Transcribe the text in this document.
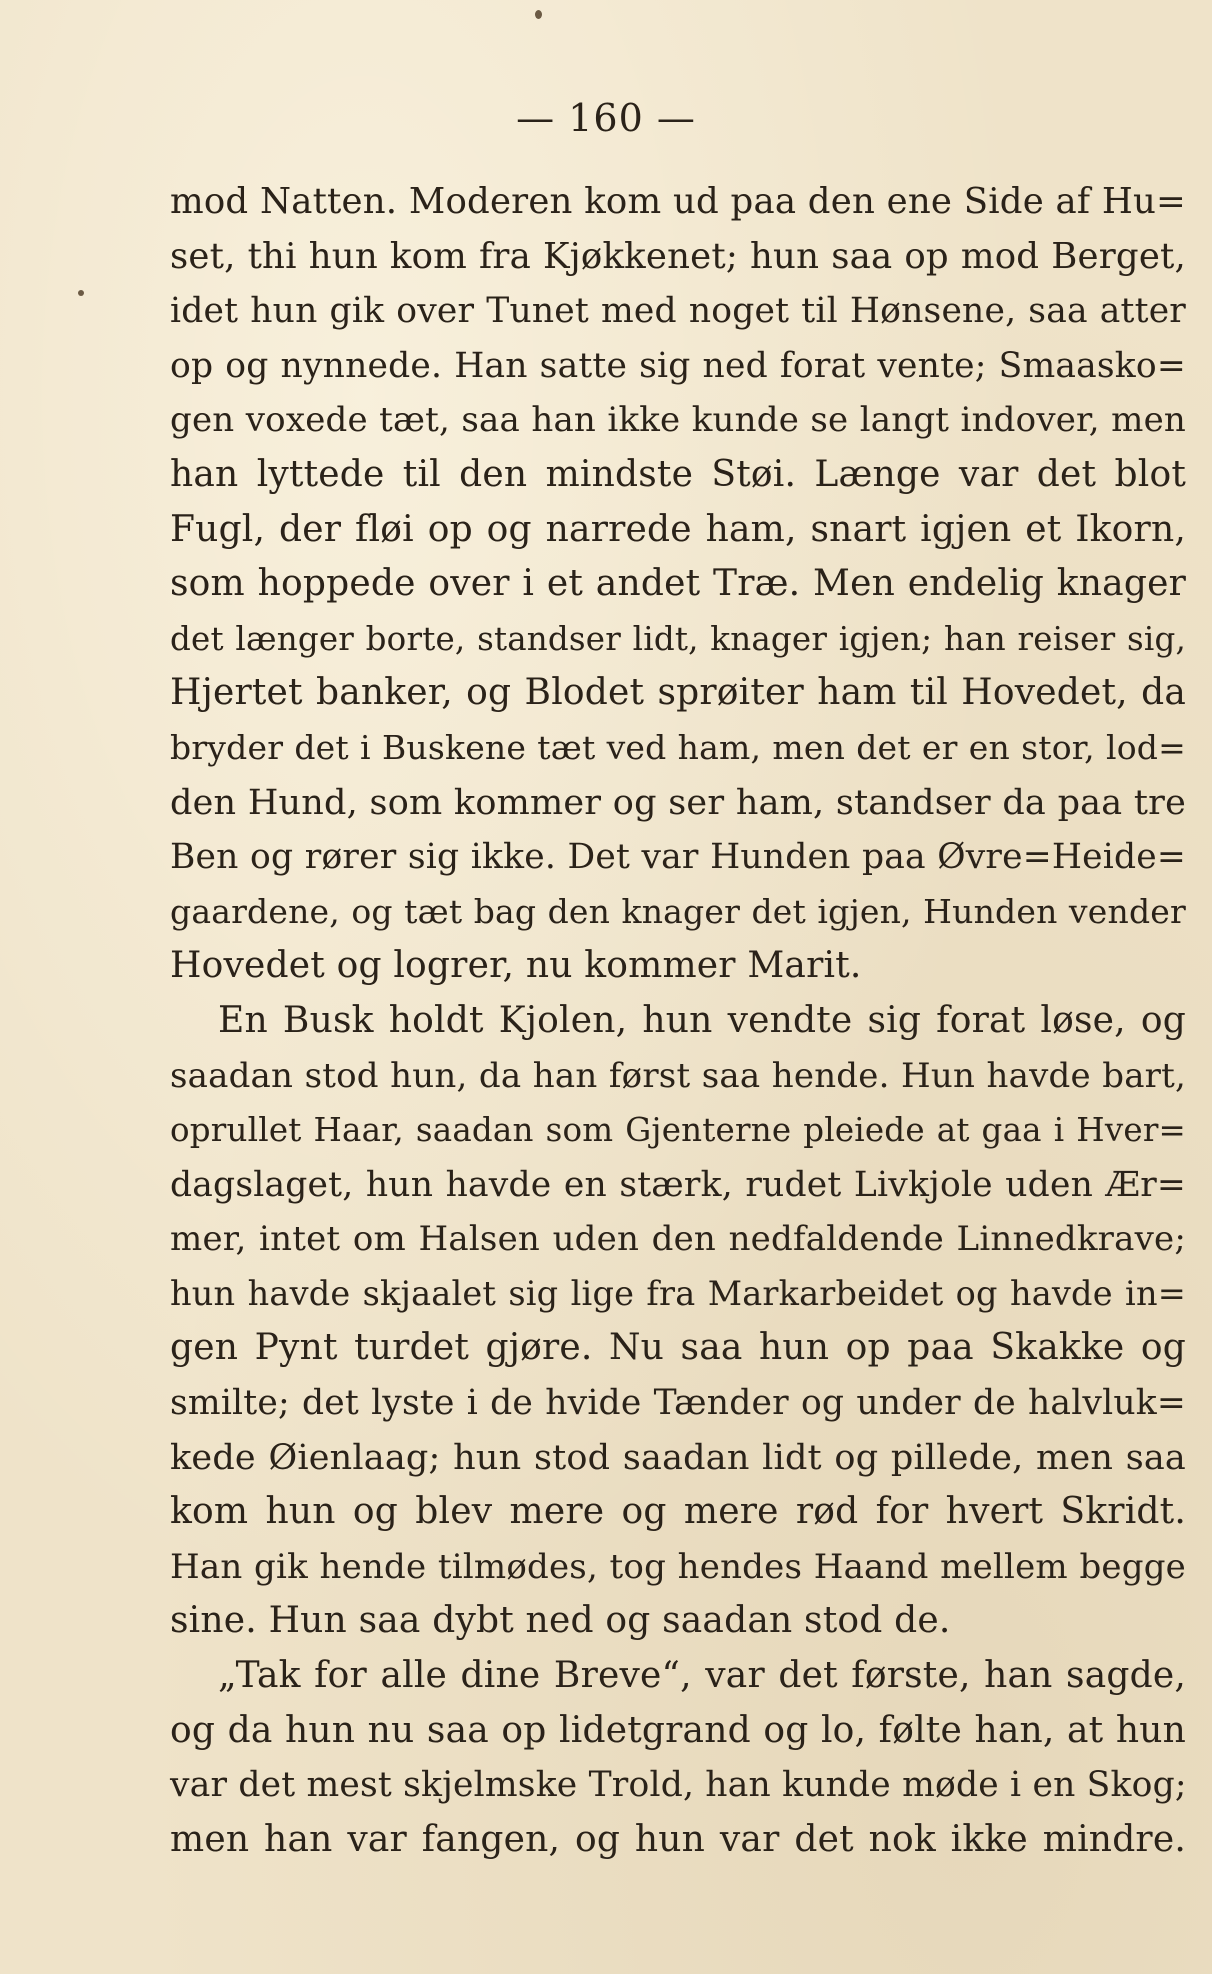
— 160 —
mod Natten. Moderen kom ud paa den ene Side af Hu=
set, thi hun kom fra Kjøkkenet; hun saa op mod Berget,
idet hun gik over Tunet med noget til Hønsene, saa atter
op og nynnede. Han satte sig ned forat vente; Smaasko=
gen voxede tæt, saa han ikke kunde se langt indover, men
han lyttede til den mindste Støi. Længe var det blot
Fugl, der fløi op og narrede ham, snart igjen et Ikorn,
som hoppede over i et andet Træ. Men endelig knager
det længer borte, standser lidt, knager igjen; han reiser sig,
Hjertet banker, og Blodet sprøiter ham til Hovedet, da
bryder det i Buskene tæt ved ham, men det er en stor, lod=
den Hund, som kommer og ser ham, standser da paa tre
Ben og rører sig ikke. Det var Hunden paa Øvre=Heide=
gaardene, og tæt bag den knager det igjen, Hunden vender
Hovedet og logrer, nu kommer Marit.
En Busk holdt Kjolen, hun vendte sig forat løse, og
saadan stod hun, da han først saa hende. Hun havde bart,
oprullet Haar, saadan som Gjenterne pleiede at gaa i Hver=
dagslaget, hun havde en stærk, rudet Livkjole uden Ær=
mer, intet om Halsen uden den nedfaldende Linnedkrave;
hun havde skjaalet sig lige fra Markarbeidet og havde in=
gen Pynt turdet gjøre. Nu saa hun op paa Skakke og
smilte; det lyste i de hvide Tænder og under de halvluk=
kede Øienlaag; hun stod saadan lidt og pillede, men saa
kom hun og blev mere og mere rød for hvert Skridt.
Han gik hende tilmødes, tog hendes Haand mellem begge
sine. Hun saa dybt ned og saadan stod de.
„Tak for alle dine Breve“, var det første, han sagde,
og da hun nu saa op lidetgrand og lo, følte han, at hun
var det mest skjelmske Trold, han kunde møde i en Skog;
men han var fangen, og hun var det nok ikke mindre.
